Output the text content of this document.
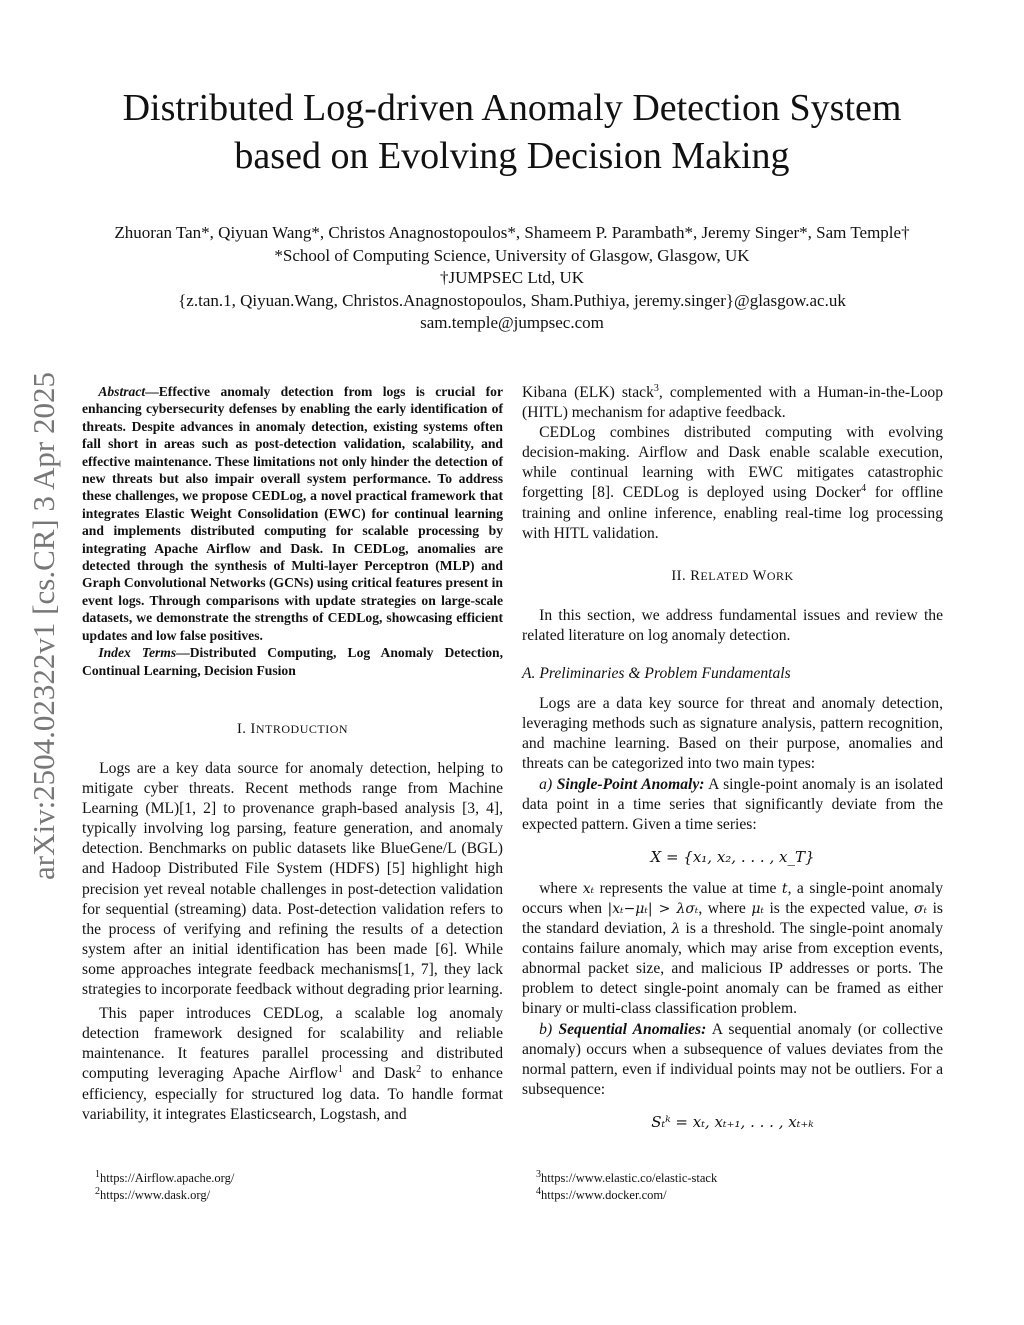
arXiv:2504.02322v1 [cs.CR] 3 Apr 2025
Distributed Log-driven Anomaly Detection System
based on Evolving Decision Making
Zhuoran Tan*, Qiyuan Wang*, Christos Anagnostopoulos*, Shameem P. Parambath*, Jeremy Singer*, Sam Temple†
*School of Computing Science, University of Glasgow, Glasgow, UK
†JUMPSEC Ltd, UK
{z.tan.1, Qiyuan.Wang, Christos.Anagnostopoulos, Sham.Puthiya, jeremy.singer}@glasgow.ac.uk
sam.temple@jumpsec.com

Abstract—Effective anomaly detection from logs is crucial for enhancing cybersecurity defenses by enabling the early identification of threats. Despite advances in anomaly detection, existing systems often fall short in areas such as post-detection validation, scalability, and effective maintenance. These limitations not only hinder the detection of new threats but also impair overall system performance. To address these challenges, we propose CEDLog, a novel practical framework that integrates Elastic Weight Consolidation (EWC) for continual learning and implements distributed computing for scalable processing by integrating Apache Airflow and Dask. In CEDLog, anomalies are detected through the synthesis of Multi-layer Perceptron (MLP) and Graph Convolutional Networks (GCNs) using critical features present in event logs. Through comparisons with update strategies on large-scale datasets, we demonstrate the strengths of CEDLog, showcasing efficient updates and low false positives.

Index Terms—Distributed Computing, Log Anomaly Detection, Continual Learning, Decision Fusion

I. INTRODUCTION

Logs are a key data source for anomaly detection, helping to mitigate cyber threats. Recent methods range from Machine Learning (ML)[1, 2] to provenance graph-based analysis [3, 4], typically involving log parsing, feature generation, and anomaly detection. Benchmarks on public datasets like BlueGene/L (BGL) and Hadoop Distributed File System (HDFS) [5] highlight high precision yet reveal notable challenges in post-detection validation for sequential (streaming) data. Post-detection validation refers to the process of verifying and refining the results of a detection system after an initial identification has been made [6]. While some approaches integrate feedback mechanisms[1, 7], they lack strategies to incorporate feedback without degrading prior learning.

This paper introduces CEDLog, a scalable log anomaly detection framework designed for scalability and reliable maintenance. It features parallel processing and distributed computing leveraging Apache Airflow$^1$ and Dask$^2$ to enhance efficiency, especially for structured log data. To handle format variability, it integrates Elasticsearch, Logstash, and

Kibana (ELK) stack$^3$, complemented with a Human-in-the-Loop (HITL) mechanism for adaptive feedback.

CEDLog combines distributed computing with evolving decision-making. Airflow and Dask enable scalable execution, while continual learning with EWC mitigates catastrophic forgetting [8]. CEDLog is deployed using Docker$^4$ for offline training and online inference, enabling real-time log processing with HITL validation.

II. RELATED WORK

In this section, we address fundamental issues and review the related literature on log anomaly detection.

A. Preliminaries & Problem Fundamentals

Logs are a data key source for threat and anomaly detection, leveraging methods such as signature analysis, pattern recognition, and machine learning. Based on their purpose, anomalies and threats can be categorized into two main types:

a) Single-Point Anomaly: A single-point anomaly is an isolated data point in a time series that significantly deviate from the expected pattern. Given a time series:

X = {x₁, x₂, . . . , x_T}

where xₜ represents the value at time t, a single-point anomaly occurs when |xₜ−μₜ| > λσₜ, where μₜ is the expected value, σₜ is the standard deviation, λ is a threshold. The single-point anomaly contains failure anomaly, which may arise from exception events, abnormal packet size, and malicious IP addresses or ports. The problem to detect single-point anomaly can be framed as either binary or multi-class classification problem.

b) Sequential Anomalies: A sequential anomaly (or collective anomaly) occurs when a subsequence of values deviates from the normal pattern, even if individual points may not be outliers. For a subsequence:

Sₜᵏ = xₜ, xₜ₊₁, . . . , xₜ₊ₖ
$^1$https://Airflow.apache.org/
$^2$https://www.dask.org/
$^3$https://www.elastic.co/elastic-stack
$^4$https://www.docker.com/
